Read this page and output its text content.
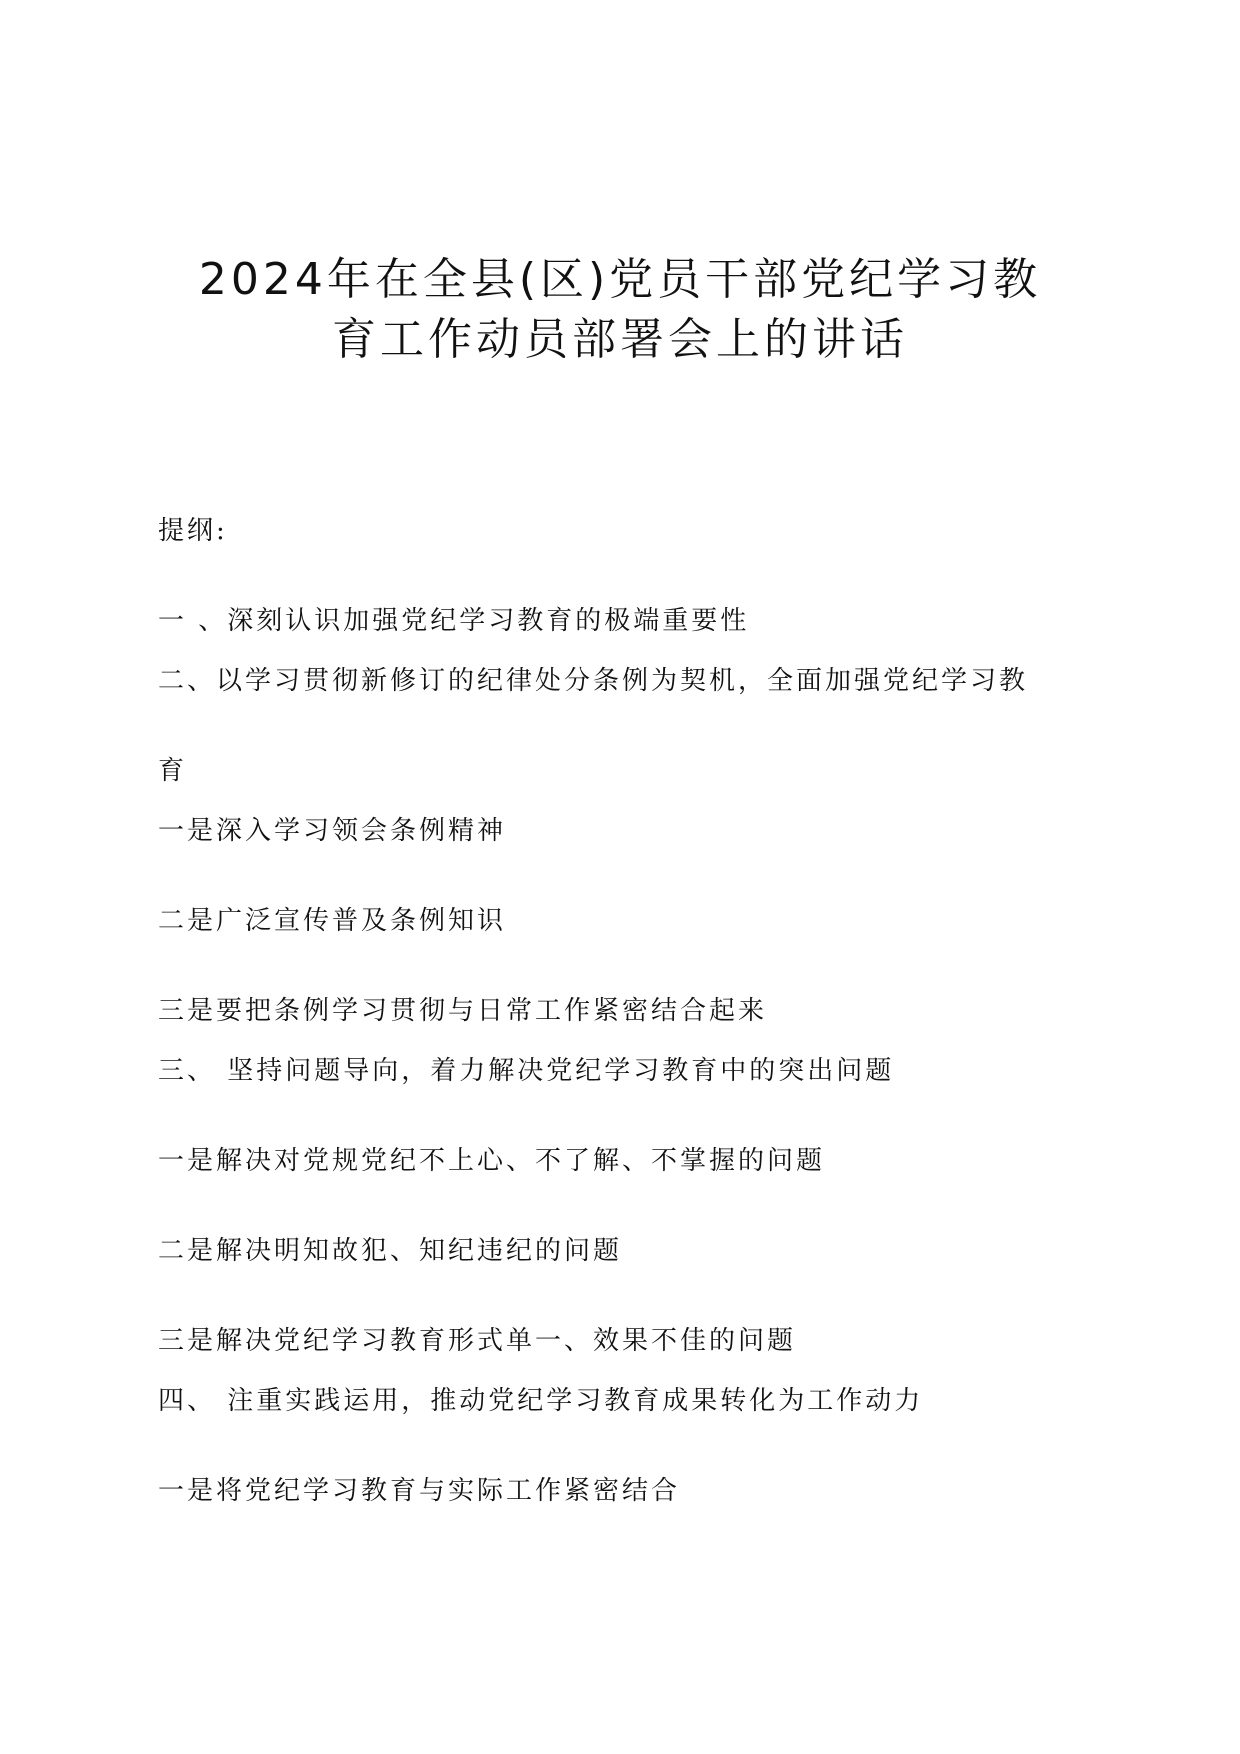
2024年在全县(区)党员干部党纪学习教
育工作动员部署会上的讲话
提纲:
一 、深刻认识加强党纪学习教育的极端重要性
二、以学习贯彻新修订的纪律处分条例为契机，全面加强党纪学习教
育
一是深入学习领会条例精神
二是广泛宣传普及条例知识
三是要把条例学习贯彻与日常工作紧密结合起来
三、 坚持问题导向，着力解决党纪学习教育中的突出问题
一是解决对党规党纪不上心、不了解、不掌握的问题
二是解决明知故犯、知纪违纪的问题
三是解决党纪学习教育形式单一、效果不佳的问题
四、 注重实践运用，推动党纪学习教育成果转化为工作动力
一是将党纪学习教育与实际工作紧密结合
